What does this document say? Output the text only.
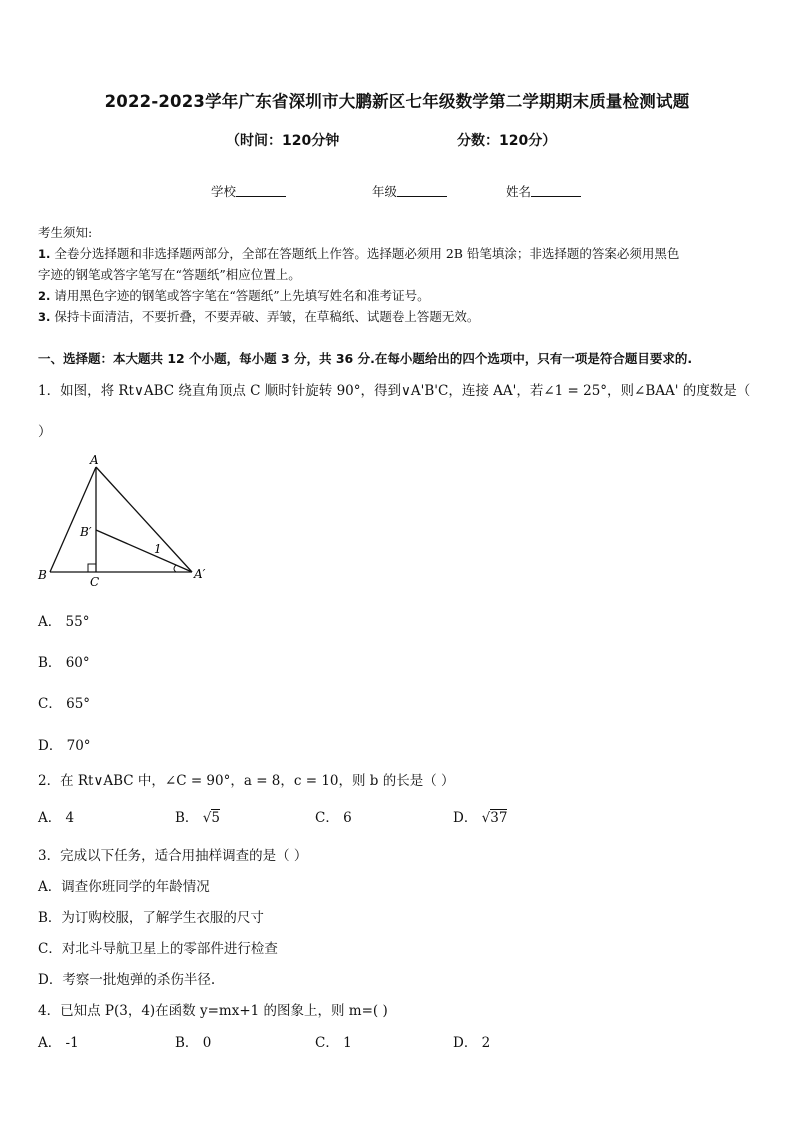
2022-2023学年广东省深圳市大鹏新区七年级数学第二学期期末质量检测试题
（时间：120分钟	分数：120分）
学校	年级	姓名
考生须知:
1. 全卷分选择题和非选择题两部分，全部在答题纸上作答。选择题必须用 2B 铅笔填涂；非选择题的答案必须用黑色
字迹的钢笔或答字笔写在“答题纸”相应位置上。
2. 请用黑色字迹的钢笔或答字笔在“答题纸”上先填写姓名和准考证号。
3. 保持卡面清洁，不要折叠，不要弄破、弄皱，在草稿纸、试题卷上答题无效。
一、选择题：本大题共 12 个小题，每小题 3 分，共 36 分.在每小题给出的四个选项中，只有一项是符合题目要求的.
1．如图，将 Rt∨ABC 绕直角顶点 C 顺时针旋转 90°，得到∨A'B'C，连接 AA'，若∠1 = 25°，则∠BAA' 的度数是（
）
A
B	C
B′
A′
1
A． 55°
B． 60°
C． 65°
D． 70°
2．在 Rt∨ABC 中，∠C = 90°，a = 8，c = 10，则 b 的长是（ ）
A． 4	B． √5	C． 6	D． √37
3．完成以下任务，适合用抽样调查的是（ ）
A．调查你班同学的年龄情况
B．为订购校服，了解学生衣服的尺寸
C．对北斗导航卫星上的零部件进行检查
D．考察一批炮弹的杀伤半径.
4．已知点 P(3，4)在函数 y=mx+1 的图象上，则 m=( )
A． -1	B． 0	C． 1	D． 2
